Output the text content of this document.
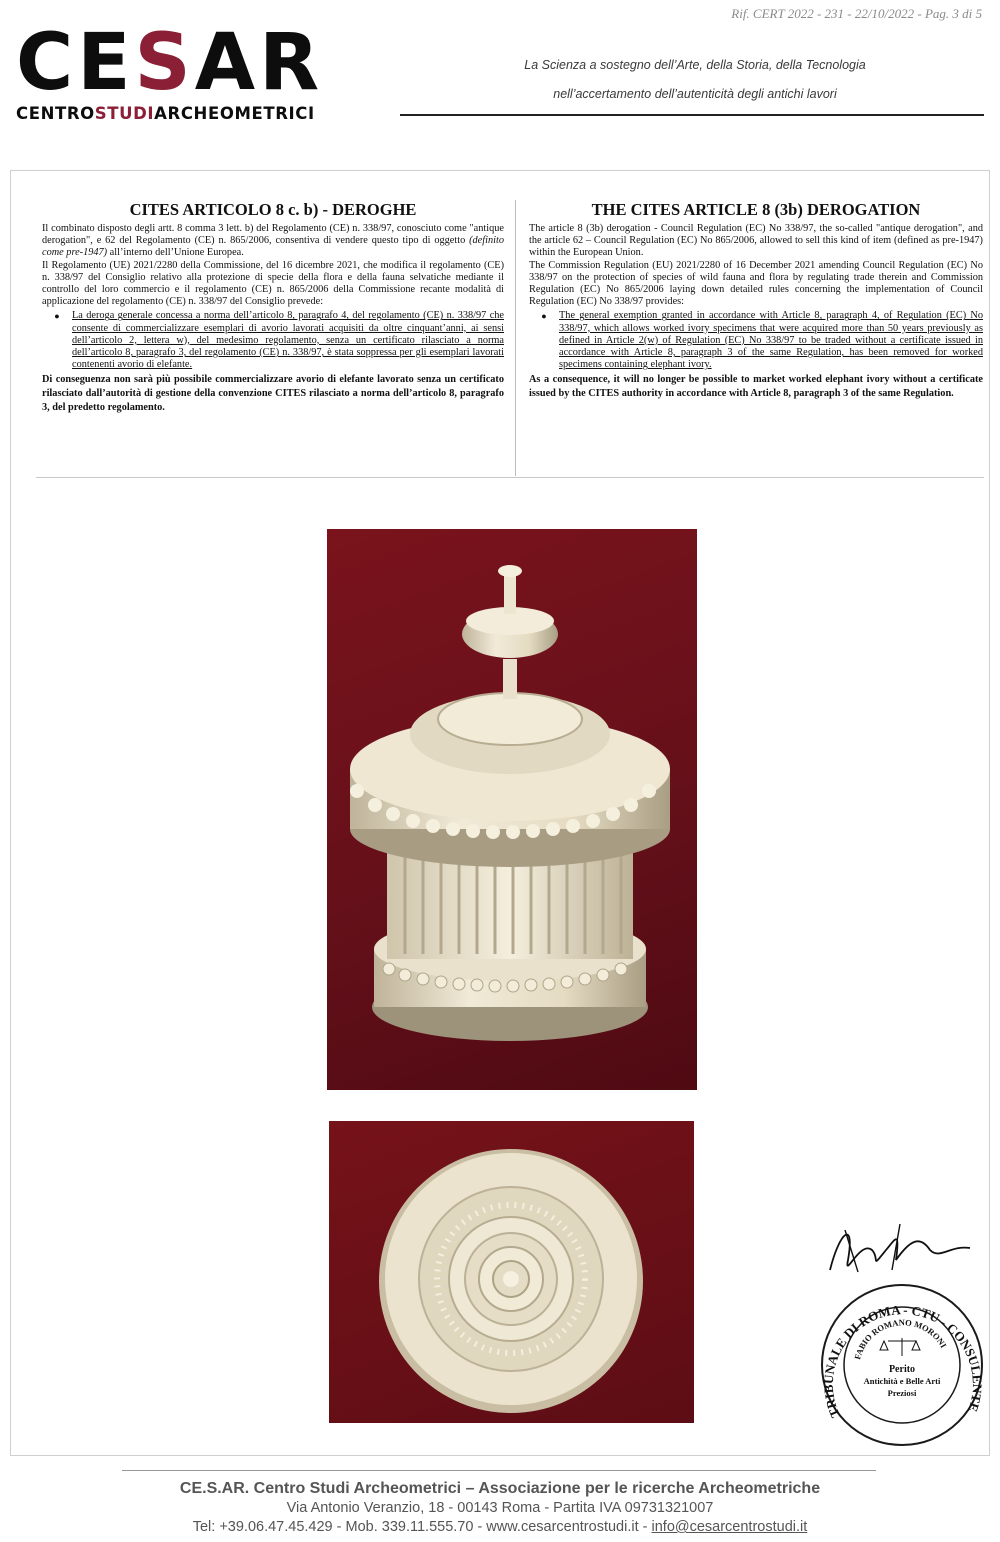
Rif. CERT 2022 - 231 - 22/10/2022 - Pag. 3 di 5
CESAR
CENTROSTUDIARCHEOMETRICI
La Scienza a sostegno dell’Arte, della Storia, della Tecnologia
nell’accertamento dell’autenticità degli antichi lavori
CITES ARTICOLO 8 c. b) - DEROGHE

Il combinato disposto degli artt. 8 comma 3 lett. b) del Regolamento (CE) n. 338/97, conosciuto come "antique derogation", e 62 del Regolamento (CE) n. 865/2006, consentiva di vendere questo tipo di oggetto (definito come pre-1947) all’interno dell’Unione Europea.

Il Regolamento (UE) 2021/2280 della Commissione, del 16 dicembre 2021, che modifica il regolamento (CE) n. 338/97 del Consiglio relativo alla protezione di specie della flora e della fauna selvatiche mediante il controllo del loro commercio e il regolamento (CE) n. 865/2006 della Commissione recante modalità di applicazione del regolamento (CE) n. 338/97 del Consiglio prevede:

●	La deroga generale concessa a norma dell’articolo 8, paragrafo 4, del regolamento (CE) n. 338/97 che consente di commercializzare esemplari di avorio lavorati acquisiti da oltre cinquant’anni, ai sensi dell’articolo 2, lettera w), del medesimo regolamento, senza un certificato rilasciato a norma dell’articolo 8, paragrafo 3, del regolamento (CE) n. 338/97, è stata soppressa per gli esemplari lavorati contenenti avorio di elefante.

Di conseguenza non sarà più possibile commercializzare avorio di elefante lavorato senza un certificato rilasciato dall’autorità di gestione della convenzione CITES rilasciato a norma dell’articolo 8, paragrafo 3, del predetto regolamento.

THE CITES ARTICLE 8 (3b) DEROGATION

The article 8 (3b) derogation - Council Regulation (EC) No 338/97, the so-called "antique derogation", and the article 62 – Council Regulation (EC) No 865/2006, allowed to sell this kind of item (defined as pre-1947) within the European Union.

The Commission Regulation (EU) 2021/2280 of 16 December 2021 amending Council Regulation (EC) No 338/97 on the protection of species of wild fauna and flora by regulating trade therein and Commission Regulation (EC) No 865/2006 laying down detailed rules concerning the implementation of Council Regulation (EC) No 338/97 provides:

●	The general exemption granted in accordance with Article 8, paragraph 4, of Regulation (EC) No 338/97, which allows worked ivory specimens that were acquired more than 50 years previously as defined in Article 2(w) of Regulation (EC) No 338/97 to be traded without a certificate issued in accordance with Article 8, paragraph 3 of the same Regulation, has been removed for worked specimens containing elephant ivory.

As a consequence, it will no longer be possible to market worked elephant ivory without a certificate issued by the CITES authority in accordance with Article 8, paragraph 3 of the same Regulation.

TRIBUNALE DI ROMA - CTU - CONSULENTE
FABIO ROMANO MORONI
Perito
Antichità e Belle Arti
Preziosi
CE.S.AR. Centro Studi Archeometrici – Associazione per le ricerche Archeometriche
Via Antonio Veranzio, 18 - 00143 Roma - Partita IVA 09731321007
Tel: +39.06.47.45.429 - Mob. 339.11.555.70 - www.cesarcentrostudi.it - info@cesarcentrostudi.it
